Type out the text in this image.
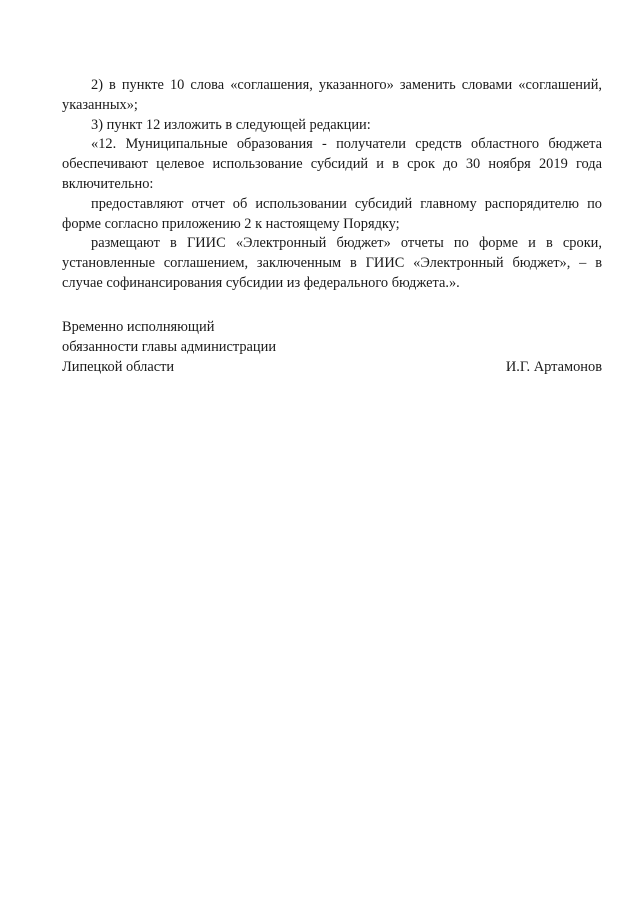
2) в пункте 10 слова «соглашения, указанного» заменить словами «соглашений, указанных»;

3) пункт 12 изложить в следующей редакции:

«12. Муниципальные образования - получатели средств областного бюджета обеспечивают целевое использование субсидий и в срок до 30 ноября 2019 года включительно:

предоставляют отчет об использовании субсидий главному распорядителю по форме согласно приложению 2 к настоящему Порядку;

размещают в ГИИС «Электронный бюджет» отчеты по форме и в сроки, установленные соглашением, заключенным в ГИИС «Электронный бюджет», – в случае софинансирования субсидии из федерального бюджета.».

Временно исполняющий
обязанности главы администрации
Липецкой области	И.Г. Артамонов
